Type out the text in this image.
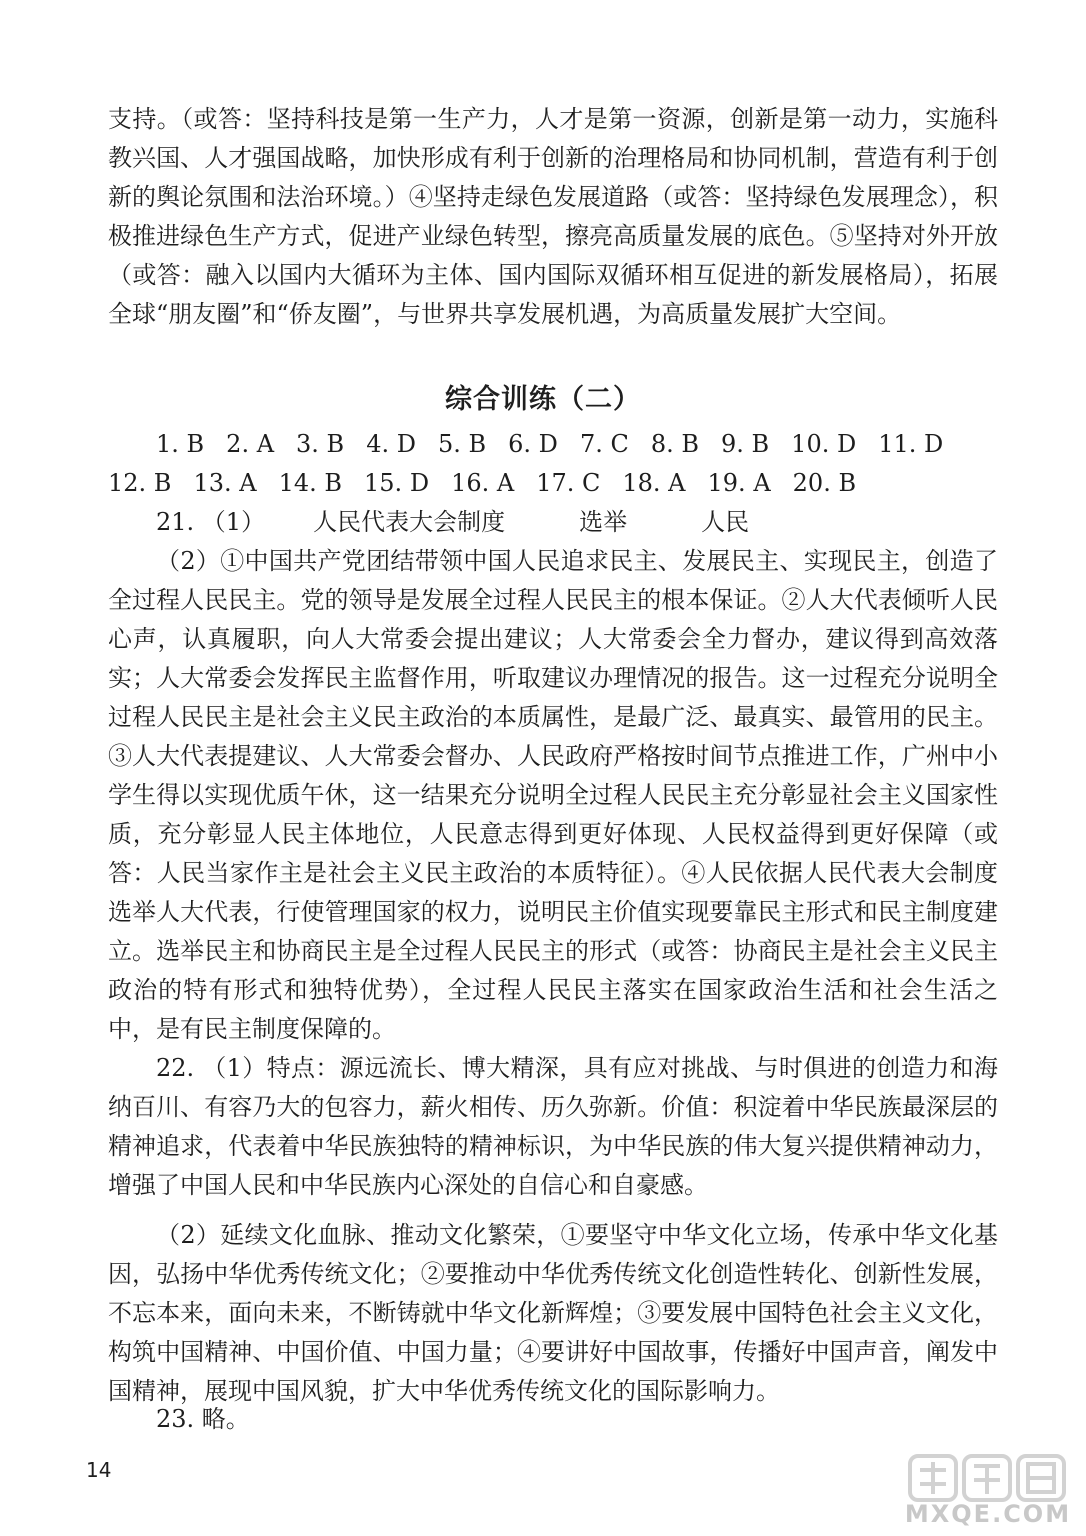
支持。（或答：坚持科技是第一生产力，人才是第一资源，创新是第一动力，实施科教兴国、人才强国战略，加快形成有利于创新的治理格局和协同机制，营造有利于创新的舆论氛围和法治环境。）④坚持走绿色发展道路（或答：坚持绿色发展理念），积极推进绿色生产方式，促进产业绿色转型，擦亮高质量发展的底色。⑤坚持对外开放（或答：融入以国内大循环为主体、国内国际双循环相互促进的新发展格局），拓展全球“朋友圈”和“侨友圈”，与世界共享发展机遇，为高质量发展扩大空间。

综合训练（二）
1. B 2. A 3. B 4. D 5. B 6. D 7. C 8. B 9. B 10. D 11. D
12. B 13. A 14. B 15. D 16. A 17. C 18. A 19. A 20. B

21. （1） 人民代表大会制度	选举	人民

（2）①中国共产党团结带领中国人民追求民主、发展民主、实现民主，创造了全过程人民民主。党的领导是发展全过程人民民主的根本保证。②人大代表倾听人民心声，认真履职，向人大常委会提出建议；人大常委会全力督办，建议得到高效落实；人大常委会发挥民主监督作用，听取建议办理情况的报告。这一过程充分说明全过程人民民主是社会主义民主政治的本质属性，是最广泛、最真实、最管用的民主。③人大代表提建议、人大常委会督办、人民政府严格按时间节点推进工作，广州中小学生得以实现优质午休，这一结果充分说明全过程人民民主充分彰显社会主义国家性质，充分彰显人民主体地位，人民意志得到更好体现、人民权益得到更好保障（或答：人民当家作主是社会主义民主政治的本质特征）。④人民依据人民代表大会制度选举人大代表，行使管理国家的权力，说明民主价值实现要靠民主形式和民主制度建立。选举民主和协商民主是全过程人民民主的形式（或答：协商民主是社会主义民主政治的特有形式和独特优势），全过程人民民主落实在国家政治生活和社会生活之中，是有民主制度保障的。

22. （1）特点：源远流长、博大精深，具有应对挑战、与时俱进的创造力和海纳百川、有容乃大的包容力，薪火相传、历久弥新。价值：积淀着中华民族最深层的精神追求，代表着中华民族独特的精神标识，为中华民族的伟大复兴提供精神动力，增强了中国人民和中华民族内心深处的自信心和自豪感。

（2）延续文化血脉、推动文化繁荣，①要坚守中华文化立场，传承中华文化基因，弘扬中华优秀传统文化；②要推动中华优秀传统文化创造性转化、创新性发展，不忘本来，面向未来，不断铸就中华文化新辉煌；③要发展中国特色社会主义文化，构筑中国精神、中国价值、中国力量；④要讲好中国故事，传播好中国声音，阐发中国精神，展现中国风貌，扩大中华优秀传统文化的国际影响力。

23. 略。

14
MXQE.COM
